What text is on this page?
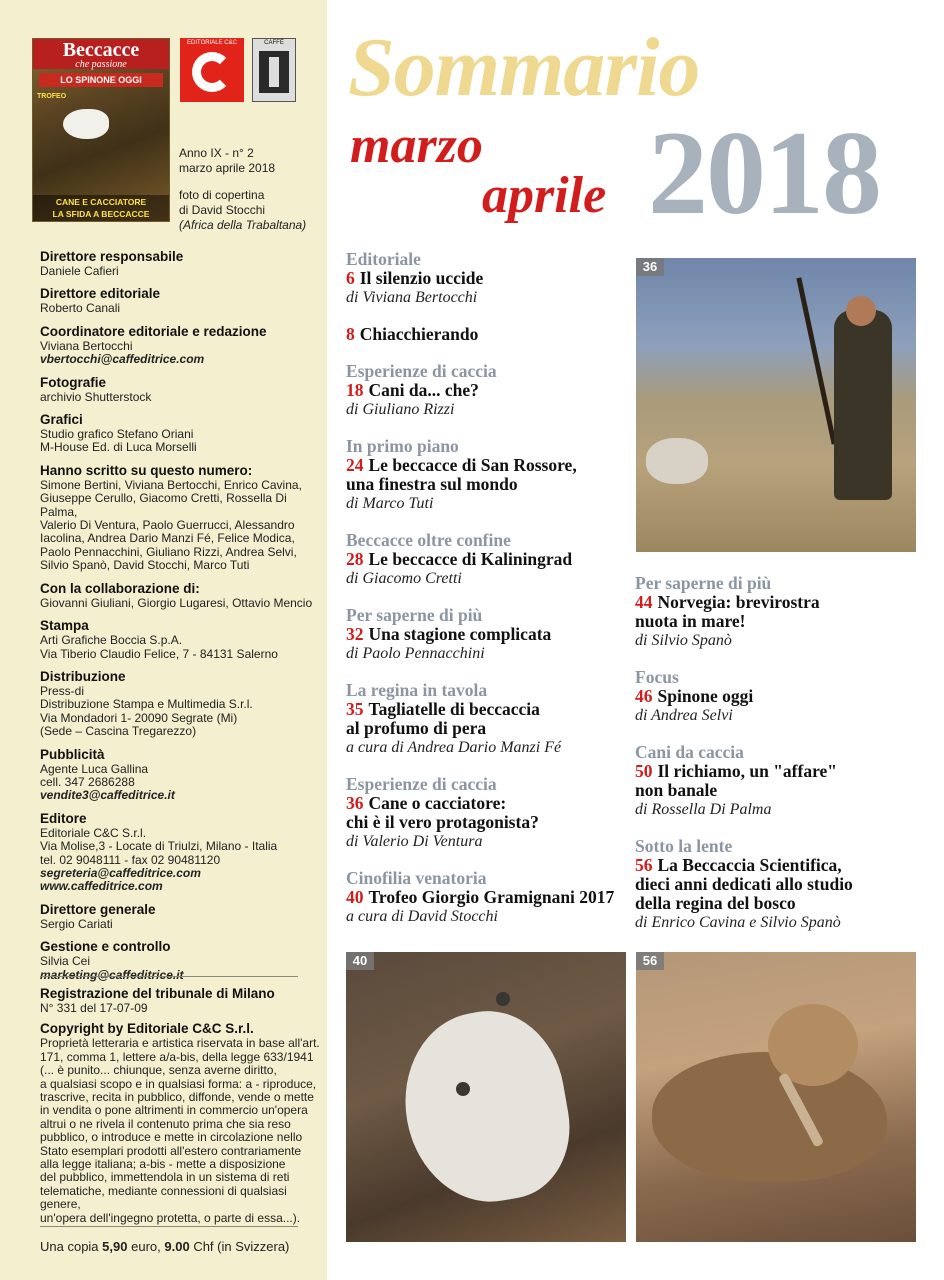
Beccacce
che passione
LO SPINONE OGGI
TROFEO
CANE E CACCIATORE
LA SFIDA A BECCACCE
EDITORIALE C&C	CAFFÈ

Anno IX - n° 2

marzo aprile 2018

foto di copertina

di David Stocchi

(Africa della Trabaltana)

Direttore responsabile
Daniele Cafieri
Direttore editoriale
Roberto Canali
Coordinatore editoriale e redazione
Viviana Bertocchi
vbertocchi@caffeditrice.com
Fotografie
archivio Shutterstock
Grafici
Studio grafico Stefano Oriani
M-House Ed. di Luca Morselli
Hanno scritto su questo numero:
Simone Bertini, Viviana Bertocchi, Enrico Cavina,
Giuseppe Cerullo, Giacomo Cretti, Rossella Di Palma,
Valerio Di Ventura, Paolo Guerrucci, Alessandro
Iacolina, Andrea Dario Manzi Fé, Felice Modica,
Paolo Pennacchini, Giuliano Rizzi, Andrea Selvi,
Silvio Spanò, David Stocchi, Marco Tuti
Con la collaborazione di:
Giovanni Giuliani, Giorgio Lugaresi, Ottavio Mencio
Stampa
Arti Grafiche Boccia S.p.A.
Via Tiberio Claudio Felice, 7 - 84131 Salerno
Distribuzione
Press-di
Distribuzione Stampa e Multimedia S.r.l.
Via Mondadori 1- 20090 Segrate (Mi)
(Sede – Cascina Tregarezzo)
Pubblicità
Agente Luca Gallina
cell. 347 2686288
vendite3@caffeditrice.it
Editore
Editoriale C&C S.r.l.
Via Molise,3 - Locate di Triulzi, Milano - Italia
tel. 02 9048111 - fax 02 90481120
segreteria@caffeditrice.com
www.caffeditrice.com
Direttore generale
Sergio Cariati
Gestione e controllo
Silvia Cei
marketing@caffeditrice.it
Registrazione del tribunale di Milano
N° 331 del 17-07-09
Copyright by Editoriale C&C S.r.l.
Proprietà letteraria e artistica riservata in base all'art.
171, comma 1, lettere a/a-bis, della legge 633/1941
(... è punito... chiunque, senza averne diritto,
a qualsiasi scopo e in qualsiasi forma: a - riproduce,
trascrive, recita in pubblico, diffonde, vende o mette
in vendita o pone altrimenti in commercio un'opera
altrui o ne rivela il contenuto prima che sia reso
pubblico, o introduce e mette in circolazione nello
Stato esemplari prodotti all'estero contrariamente
alla legge italiana; a-bis - mette a disposizione
del pubblico, immettendola in un sistema di reti
telematiche, mediante connessioni di qualsiasi genere,
un'opera dell'ingegno protetta, o parte di essa...).
Una copia 5,90 euro, 9.00 Chf (in Svizzera)
Sommario
marzo
aprile 2018
Editoriale
6 Il silenzio uccide
di Viviana Bertocchi
8 Chiacchierando
Esperienze di caccia
18 Cani da... che?
di Giuliano Rizzi
In primo piano
24 Le beccacce di San Rossore,
una finestra sul mondo
di Marco Tuti
Beccacce oltre confine
28 Le beccacce di Kaliningrad
di Giacomo Cretti
Per saperne di più
32 Una stagione complicata
di Paolo Pennacchini
La regina in tavola
35 Tagliatelle di beccaccia
al profumo di pera
a cura di Andrea Dario Manzi Fé
Esperienze di caccia
36 Cane o cacciatore:
chi è il vero protagonista?
di Valerio Di Ventura
Cinofilia venatoria
40 Trofeo Giorgio Gramignani 2017
a cura di David Stocchi
Per saperne di più
44 Norvegia: brevirostra
nuota in mare!
di Silvio Spanò
Focus
46 Spinone oggi
di Andrea Selvi
Cani da caccia
50 Il richiamo, un "affare"
non banale
di Rossella Di Palma
Sotto la lente
56 La Beccaccia Scientifica,
dieci anni dedicati allo studio
della regina del bosco
di Enrico Cavina e Silvio Spanò
36
40	56
